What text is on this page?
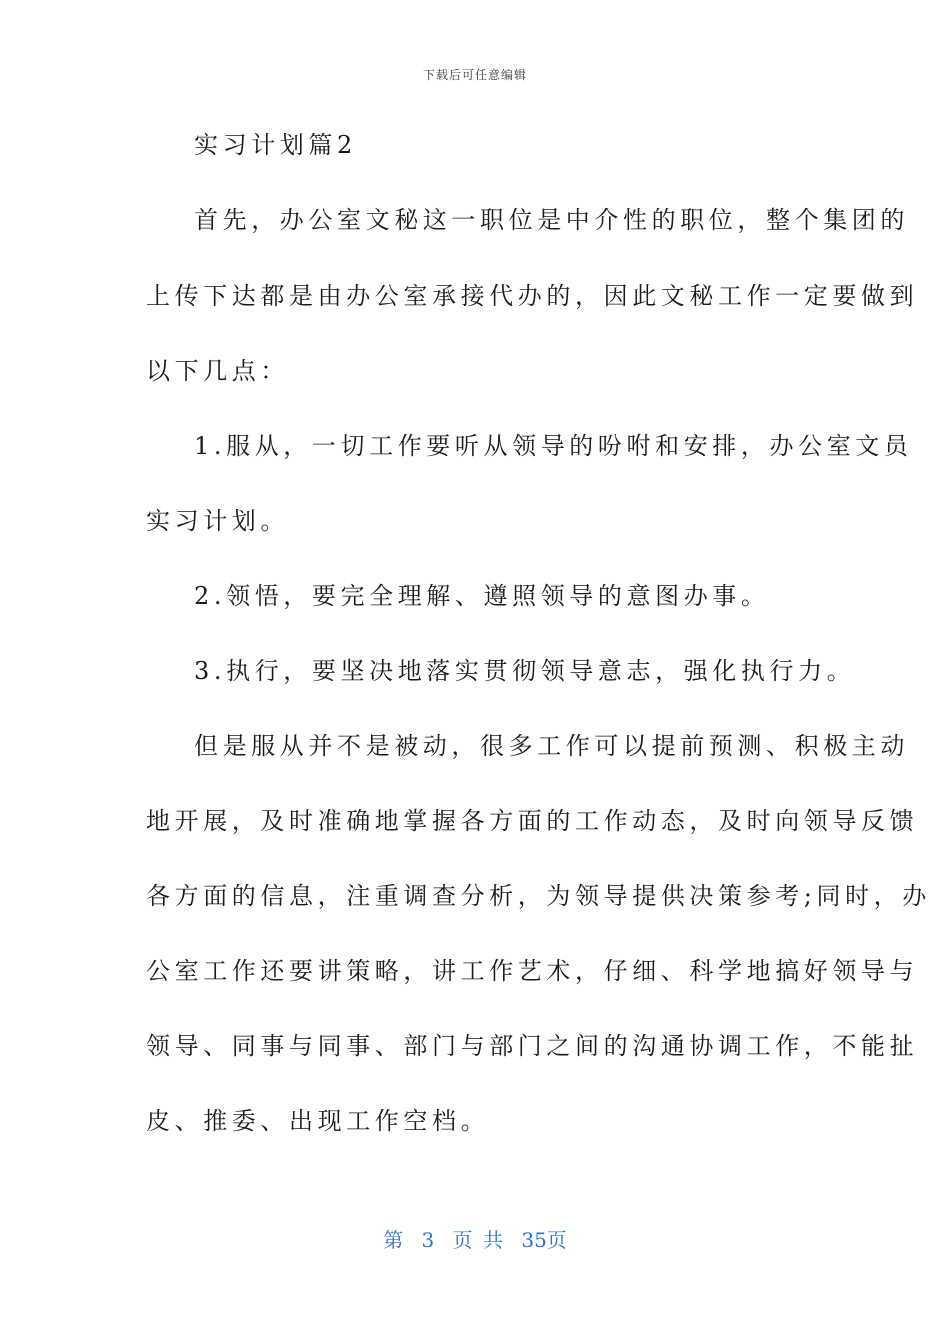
下载后可任意编辑
实习计划篇2
首先，办公室文秘这一职位是中介性的职位，整个集团的
上传下达都是由办公室承接代办的，因此文秘工作一定要做到
以下几点：
1.服从，一切工作要听从领导的吩咐和安排，办公室文员
实习计划。
2.领悟，要完全理解、遵照领导的意图办事。
3.执行，要坚决地落实贯彻领导意志，强化执行力。
但是服从并不是被动，很多工作可以提前预测、积极主动
地开展，及时准确地掌握各方面的工作动态，及时向领导反馈
各方面的信息，注重调查分析，为领导提供决策参考;同时，办
公室工作还要讲策略，讲工作艺术，仔细、科学地搞好领导与
领导、同事与同事、部门与部门之间的沟通协调工作，不能扯
皮、推委、出现工作空档。
第 3 页 共 35页
